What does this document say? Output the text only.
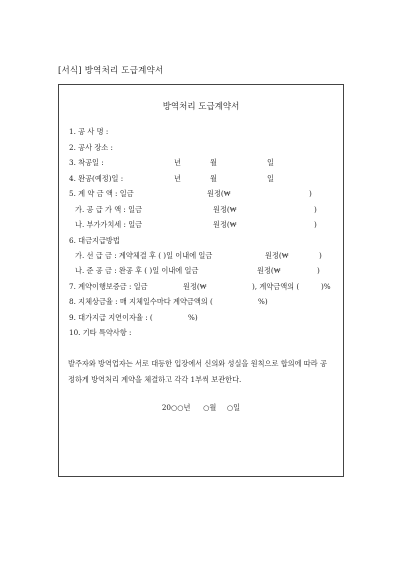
[서식] 방역처리 도급계약서
방역처리 도급계약서
1. 공 사 명 :
2. 공사 장소 :
3. 착공일 :	년	월	일
4. 완공(예정)일 :	년	월	일
5. 계 약 금 액 : 일금	원정(₩	)
가. 공 급 가 액 : 일금	원정(₩	)
나. 부가가치세 : 일금	원정(₩	)
6. 대금지급방법
가. 선 급 금 : 계약체결 후 ( )일 이내에 일금	원정(₩	)
나. 준 공 금 : 완공 후 ( )일 이내에 일금	원정(₩	)
7. 계약이행보증금 : 일금	원정(₩	), 계약금액의 (	)%
8. 지체상금율 : 매 지체일수마다 계약금액의 (	%)
9. 대가지급 지연이자율 : (	%)
10. 기타 특약사항 :
발주자와 방역업자는 서로 대등한 입장에서 신의와 성실을 원칙으로 합의에 따라 공
정하게 방역처리 계약을 체결하고 각각 1부씩 보관한다.
20○○년 ○월 ○일
